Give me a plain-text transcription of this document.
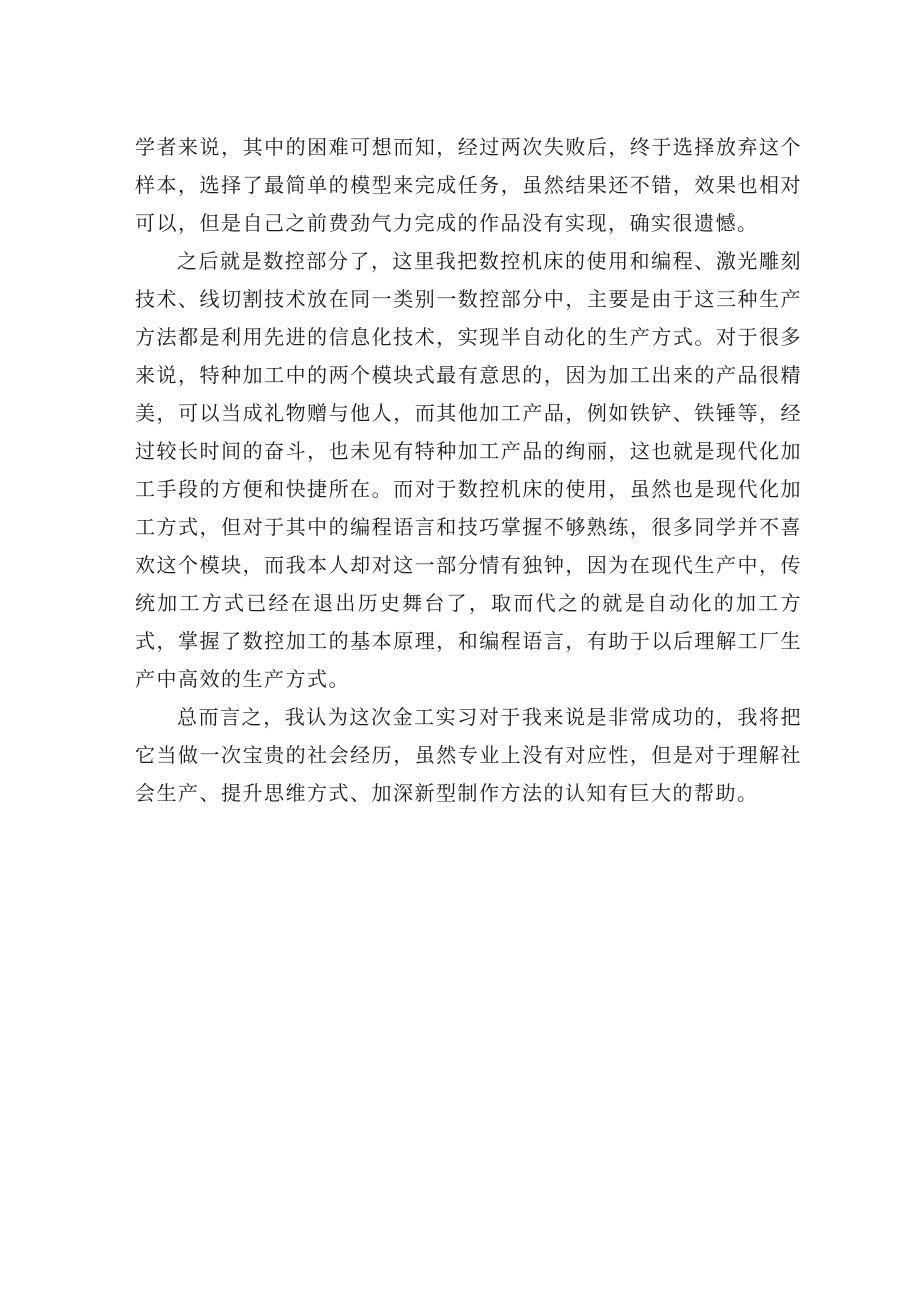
学者来说，其中的困难可想而知，经过两次失败后，终于选择放弃这个样本，选择了最简单的模型来完成任务，虽然结果还不错，效果也相对可以，但是自己之前费劲气力完成的作品没有实现，确实很遗憾。

之后就是数控部分了，这里我把数控机床的使用和编程、激光雕刻技术、线切割技术放在同一类别一数控部分中，主要是由于这三种生产方法都是利用先进的信息化技术，实现半自动化的生产方式。对于很多来说，特种加工中的两个模块式最有意思的，因为加工出来的产品很精美，可以当成礼物赠与他人，而其他加工产品，例如铁铲、铁锤等，经过较长时间的奋斗，也未见有特种加工产品的绚丽，这也就是现代化加工手段的方便和快捷所在。而对于数控机床的使用，虽然也是现代化加工方式，但对于其中的编程语言和技巧掌握不够熟练，很多同学并不喜欢这个模块，而我本人却对这一部分情有独钟，因为在现代生产中，传统加工方式已经在退出历史舞台了，取而代之的就是自动化的加工方式，掌握了数控加工的基本原理，和编程语言，有助于以后理解工厂生产中高效的生产方式。

总而言之，我认为这次金工实习对于我来说是非常成功的，我将把它当做一次宝贵的社会经历，虽然专业上没有对应性，但是对于理解社会生产、提升思维方式、加深新型制作方法的认知有巨大的帮助。
